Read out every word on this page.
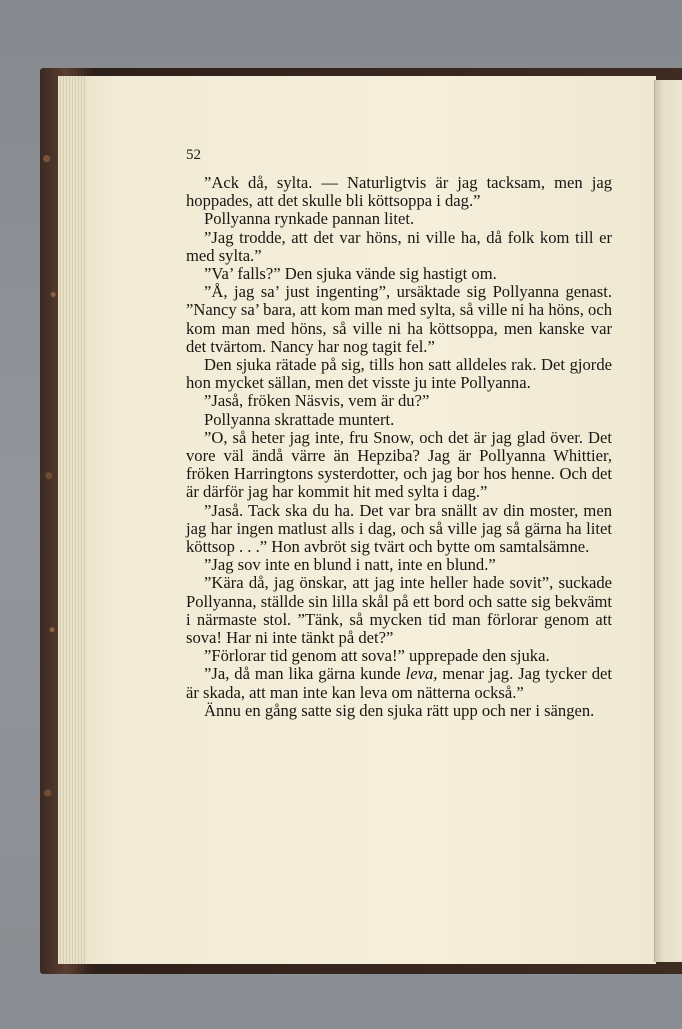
52

”Ack då, sylta. — Naturligtvis är jag tacksam, men jag hoppades, att det skulle bli köttsoppa i dag.”

Pollyanna rynkade pannan litet.

”Jag trodde, att det var höns, ni ville ha, då folk kom till er med sylta.”

”Va’ falls?” Den sjuka vände sig hastigt om.

”Å, jag sa’ just ingenting”, ursäktade sig Pollyanna genast. ”Nancy sa’ bara, att kom man med sylta, så ville ni ha höns, och kom man med höns, så ville ni ha köttsoppa, men kanske var det tvärtom. Nancy har nog tagit fel.”

Den sjuka rätade på sig, tills hon satt alldeles rak. Det gjorde hon mycket sällan, men det visste ju inte Pollyanna.

”Jaså, fröken Näsvis, vem är du?”

Pollyanna skrattade muntert.

”O, så heter jag inte, fru Snow, och det är jag glad över. Det vore väl ändå värre än Hepziba? Jag är Pollyanna Whittier, fröken Harringtons systerdotter, och jag bor hos henne. Och det är därför jag har kommit hit med sylta i dag.”

”Jaså. Tack ska du ha. Det var bra snällt av din moster, men jag har ingen matlust alls i dag, och så ville jag så gärna ha litet köttsop . . .” Hon avbröt sig tvärt och bytte om samtalsämne.

”Jag sov inte en blund i natt, inte en blund.”

”Kära då, jag önskar, att jag inte heller hade sovit”, suckade Pollyanna, ställde sin lilla skål på ett bord och satte sig bekvämt i närmaste stol. ”Tänk, så mycken tid man förlorar genom att sova! Har ni inte tänkt på det?”

”Förlorar tid genom att sova!” upprepade den sjuka.

”Ja, då man lika gärna kunde leva, menar jag. Jag tycker det är skada, att man inte kan leva om nätterna också.”

Ännu en gång satte sig den sjuka rätt upp och ner i sängen.
